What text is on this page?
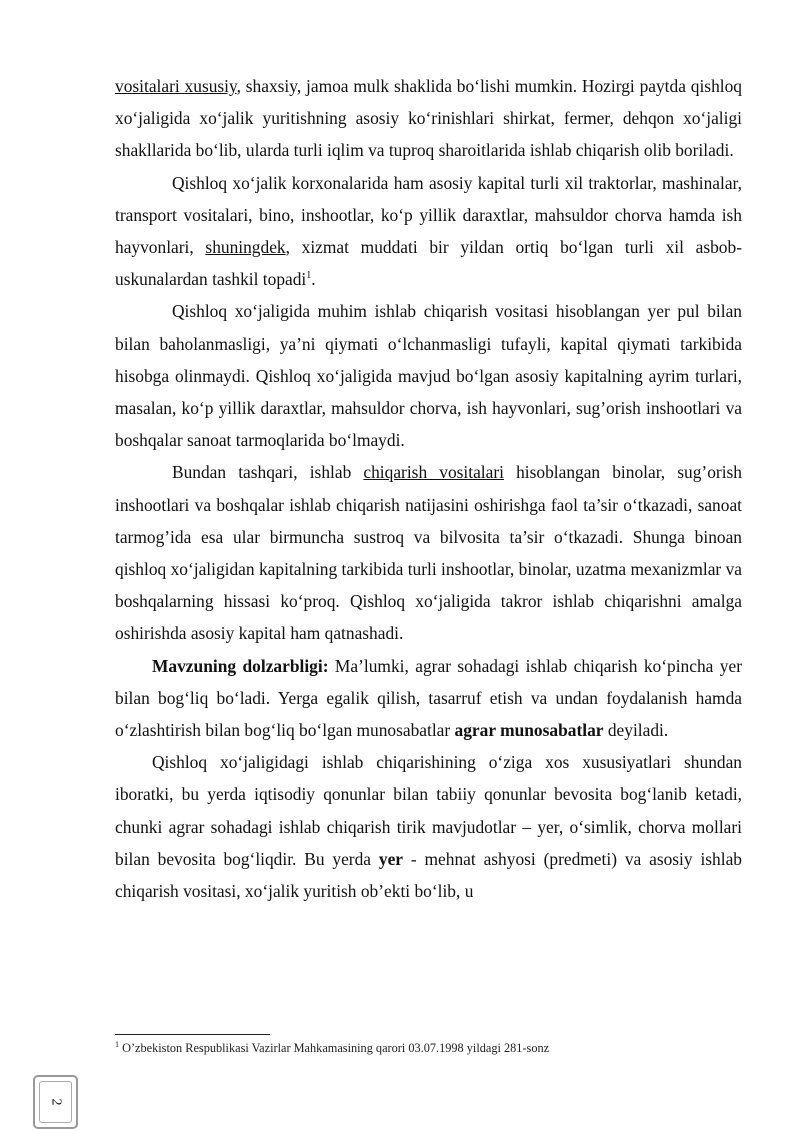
vositalari xususiy, shaxsiy, jamoa mulk shaklida bo‘lishi mumkin. Hozirgi paytda qishloq xo‘jaligida xo‘jalik yuritishning asosiy ko‘rinishlari shirkat, fermer, dehqon xo‘jaligi shakllarida bo‘lib, ularda turli iqlim va tuproq sharoitlarida ishlab chiqarish olib boriladi.

Qishloq xo‘jalik korxonalarida ham asosiy kapital turli xil traktorlar, mashinalar, transport vositalari, bino, inshootlar, ko‘p yillik daraxtlar, mahsuldor chorva hamda ish hayvonlari, shuningdek, xizmat muddati bir yildan ortiq bo‘lgan turli xil asbob-uskunalardan tashkil topadi$^1$.

Qishloq xo‘jaligida muhim ishlab chiqarish vositasi hisoblangan yer pul bilan bilan baholanmasligi, ya’ni qiymati o‘lchanmasligi tufayli, kapital qiymati tarkibida hisobga olinmaydi. Qishloq xo‘jaligida mavjud bo‘lgan asosiy kapitalning ayrim turlari, masalan, ko‘p yillik daraxtlar, mahsuldor chorva, ish hayvonlari, sug’orish inshootlari va boshqalar sanoat tarmoqlarida bo‘lmaydi.

Bundan tashqari, ishlab chiqarish vositalari hisoblangan binolar, sug’orish inshootlari va boshqalar ishlab chiqarish natijasini oshirishga faol ta’sir o‘tkazadi, sanoat tarmog’ida esa ular birmuncha sustroq va bilvosita ta’sir o‘tkazadi. Shunga binoan qishloq xo‘jaligidan kapitalning tarkibida turli inshootlar, binolar, uzatma mexanizmlar va boshqalarning hissasi ko‘proq. Qishloq xo‘jaligida takror ishlab chiqarishni amalga oshirishda asosiy kapital ham qatnashadi.

Mavzuning dolzarbligi: Ma’lumki, agrar sohadagi ishlab chiqarish ko‘pincha yer bilan bog‘liq bo‘ladi. Yerga egalik qilish, tasarruf etish va undan foydalanish hamda o‘zlashtirish bilan bog‘liq bo‘lgan munosabatlar agrar munosabatlar deyiladi.

Qishloq xo‘jaligidagi ishlab chiqarishining o‘ziga xos xususiyatlari shundan iboratki, bu yerda iqtisodiy qonunlar bilan tabiiy qonunlar bevosita bog‘lanib ketadi, chunki agrar sohadagi ishlab chiqarish tirik mavjudotlar – yer, o‘simlik, chorva mollari bilan bevosita bog‘liqdir. Bu yerda yer - mehnat ashyosi (predmeti) va asosiy ishlab chiqarish vositasi, xo‘jalik yuritish ob’ekti bo‘lib, u

$^1$ O’zbekiston Respublikasi Vazirlar Mahkamasining qarori 03.07.1998 yildagi 281-sonz
2
